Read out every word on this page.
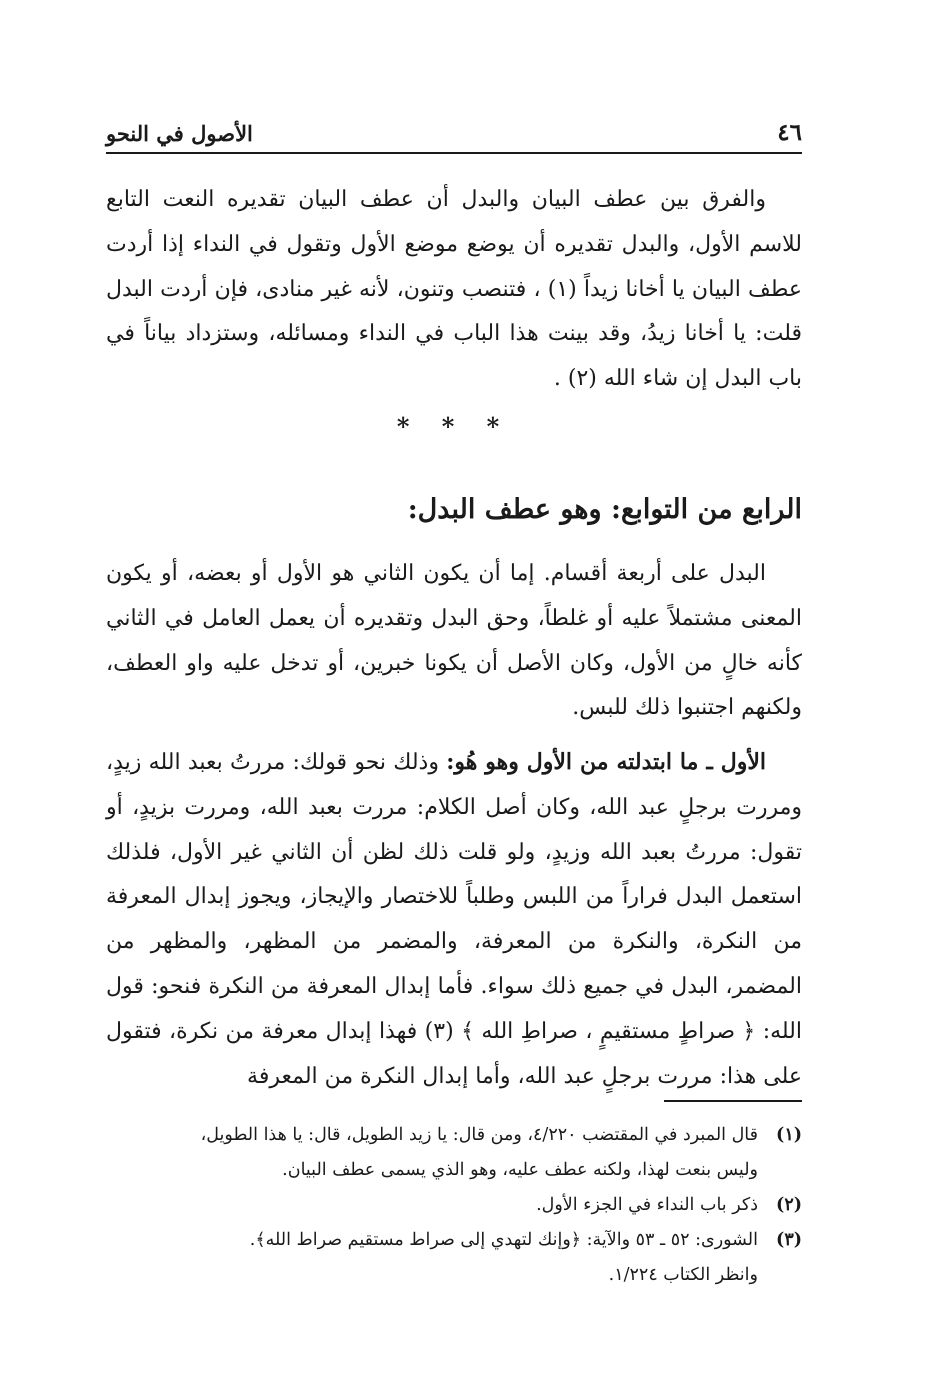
٤٦
الأصول في النحو

والفرق بين عطف البيان والبدل أن عطف البيان تقديره النعت التابع للاسم الأول، والبدل تقديره أن يوضع موضع الأول وتقول في النداء إذا أردت عطف البيان يا أخانا زيداً (١) ، فتنصب وتنون، لأنه غير منادى، فإن أردت البدل قلت: يا أخانا زيدُ، وقد بينت هذا الباب في النداء ومسائله، وستزداد بياناً في باب البدل إن شاء الله (٢) .

* * *
الرابع من التوابع: وهو عطف البدل:

البدل على أربعة أقسام. إما أن يكون الثاني هو الأول أو بعضه، أو يكون المعنى مشتملاً عليه أو غلطاً، وحق البدل وتقديره أن يعمل العامل في الثاني كأنه خالٍ من الأول، وكان الأصل أن يكونا خبرين، أو تدخل عليه واو العطف، ولكنهم اجتنبوا ذلك للبس.

الأول ـ ما ابتدلته من الأول وهو هُو: وذلك نحو قولك: مررتُ بعبد الله زيدٍ، ومررت برجلٍ عبد الله، وكان أصل الكلام: مررت بعبد الله، ومررت بزيدٍ، أو تقول: مررتُ بعبد الله وزيدٍ، ولو قلت ذلك لظن أن الثاني غير الأول، فلذلك استعمل البدل فراراً من اللبس وطلباً للاختصار والإيجاز، ويجوز إبدال المعرفة من النكرة، والنكرة من المعرفة، والمضمر من المظهر، والمظهر من المضمر، البدل في جميع ذلك سواء. فأما إبدال المعرفة من النكرة فنحو: قول الله: ﴿ صراطٍ مستقيمٍ ، صراطِ الله ﴾ (٣) فهذا إبدال معرفة من نكرة، فتقول على هذا: مررت برجلٍ عبد الله، وأما إبدال النكرة من المعرفة

(١)
قال المبرد في المقتضب ٤/٢٢٠، ومن قال: يا زيد الطويل، قال: يا هذا الطويل،
وليس بنعت لهذا، ولكنه عطف عليه، وهو الذي يسمى عطف البيان.
(٢)
ذكر باب النداء في الجزء الأول.
(٣)
الشورى: ٥٢ ـ ٥٣ والآية: ﴿وإنك لتهدي إلى صراط مستقيم صراط الله﴾.
وانظر الكتاب ١/٢٢٤.
